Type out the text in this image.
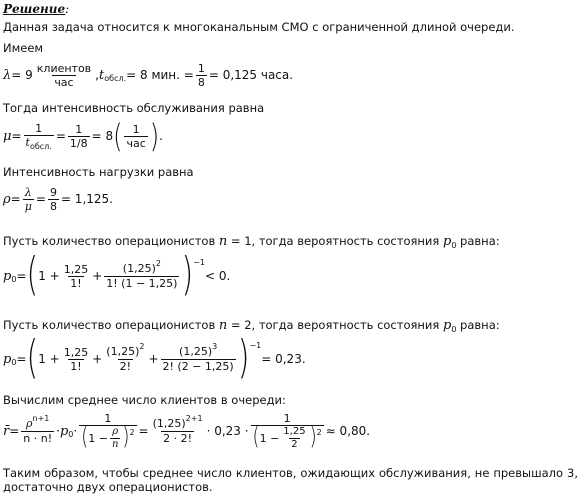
Решение:
Данная задача относится к многоканальным СМО с ограниченной длиной очереди.
Имеем
$\lambda = 9 \frac{\text{клиентов}}{\text{час}}$ , t обсл. = 8 мин. = $\frac{1}{8} = 0,125$ часа.
Тогда интенсивность обслуживания равна
$\mu = \frac{1}{t_{обсл.}} = \frac{1}{1/8} = 8$ ( $\frac{1}{\text{час}}$ ) .
Интенсивность нагрузки равна
$\rho = \frac{\lambda}{\mu} = \frac{9}{8} = 1,125$.
Пусть количество операционистов n = 1, тогда вероятность состояния $p_0$ равна:
p 0 = ( $1 + \frac{1,25}{1!} + \frac{(1,25)^2}{1! (1 - 1,25)}$ ) −1
< 0.
Пусть количество операционистов n = 2, тогда вероятность состояния $p_0$ равна:
p 0 = ( $1 + \frac{1,25}{1!} + \frac{(1,25)^2}{2!} + \frac{(1,25)^3}{2! (2 - 1,25)}$ ) −1
= 0,23.
Вычислим среднее число клиентов в очереди:
r̄ = $\frac{\rho^{n+1}}{n \cdot n!} \cdot p$ $0 \cdot \frac{1}{( 1 - \frac{\rho}{n} ) 2} = \frac{(1,25)^{2+1}}{2 \cdot 2!} \cdot 0,23 \cdot \frac{1}{( 1 - \frac{1,25}{2} ) 2} \approx 0,80$.
Таким образом, чтобы среднее число клиентов, ожидающих обслуживания, не превышало 3, достаточно двух операционистов.
